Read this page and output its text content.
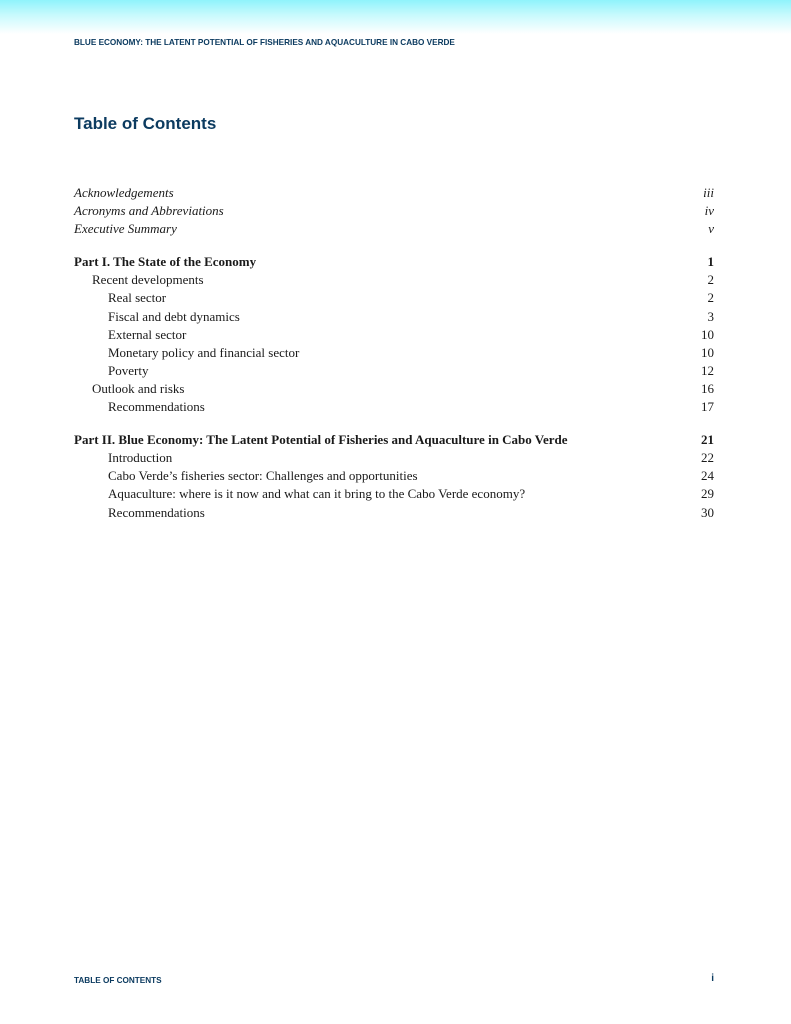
BLUE ECONOMY: THE LATENT POTENTIAL OF FISHERIES AND AQUACULTURE IN CABO VERDE
Table of Contents
Acknowledgements	iii
Acronyms and Abbreviations	iv
Executive Summary	v
Part I. The State of the Economy	1
Recent developments	2
Real sector	2
Fiscal and debt dynamics	3
External sector	10
Monetary policy and financial sector	10
Poverty	12
Outlook and risks	16
Recommendations	17
Part II. Blue Economy: The Latent Potential of Fisheries and Aquaculture in Cabo Verde	21
Introduction	22
Cabo Verde’s fisheries sector: Challenges and opportunities	24
Aquaculture: where is it now and what can it bring to the Cabo Verde economy?	29
Recommendations	30
TABLE OF CONTENTS	i
